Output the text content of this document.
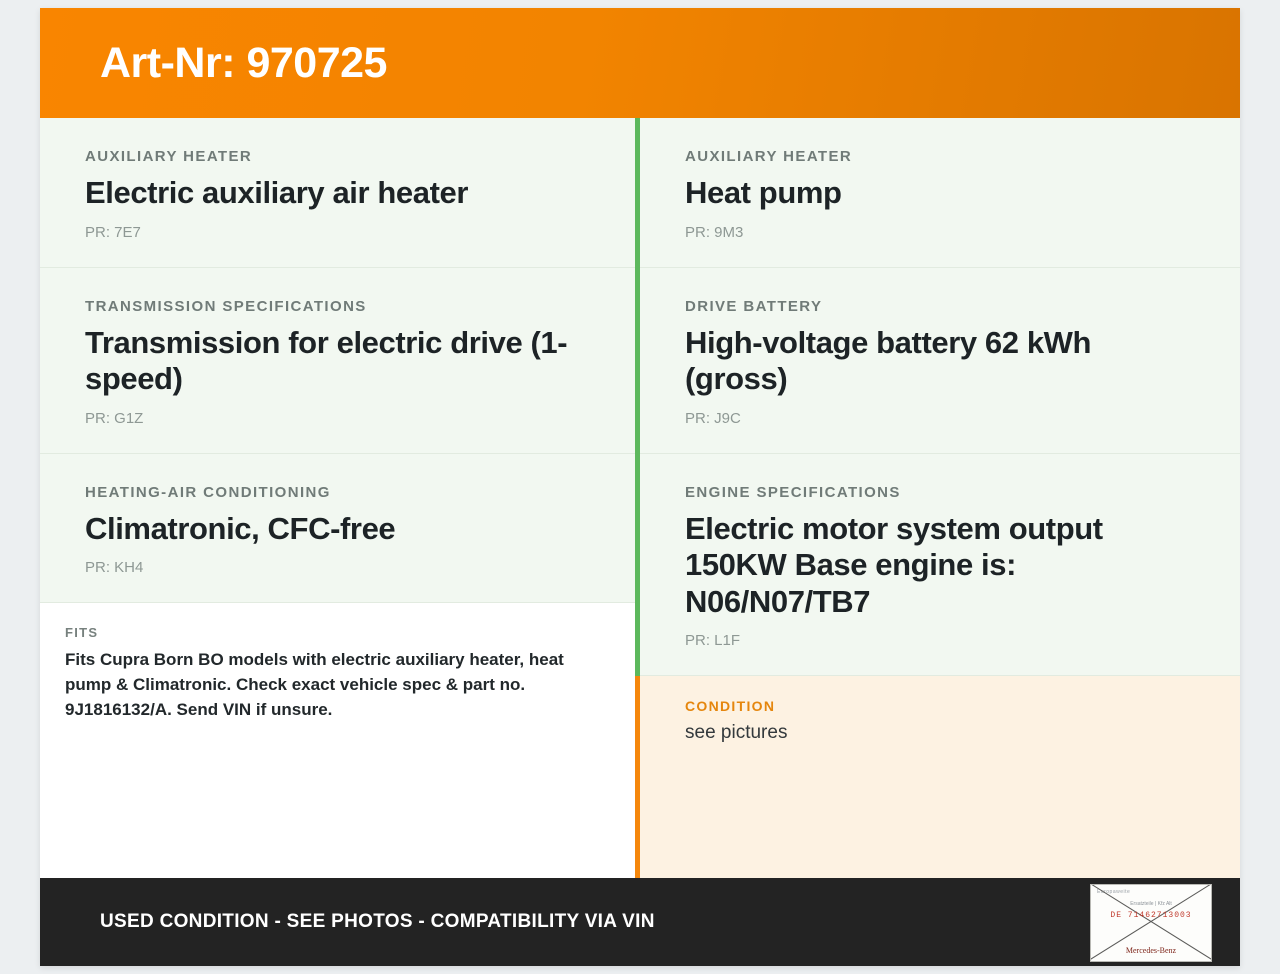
Art-Nr: 970725

AUXILIARY HEATER

Electric auxiliary air heater

PR: 7E7

TRANSMISSION SPECIFICATIONS

Transmission for electric drive (1-speed)

PR: G1Z

HEATING-AIR CONDITIONING

Climatronic, CFC-free

PR: KH4

FITS

Fits Cupra Born BO models with electric auxiliary heater, heat pump & Climatronic. Check exact vehicle spec & part no. 9J1816132/A. Send VIN if unsure.

AUXILIARY HEATER

Heat pump

PR: 9M3

DRIVE BATTERY

High-voltage battery 62 kWh (gross)

PR: J9C

ENGINE SPECIFICATIONS

Electric motor system output 150KW Base engine is: N06/N07/TB7

PR: L1F

CONDITION

see pictures

USED CONDITION - SEE PHOTOS - COMPATIBILITY VIA VIN
Europaweite
Ersatzteile | Kfz Alt
DE 71462713003
Mercedes-Benz
